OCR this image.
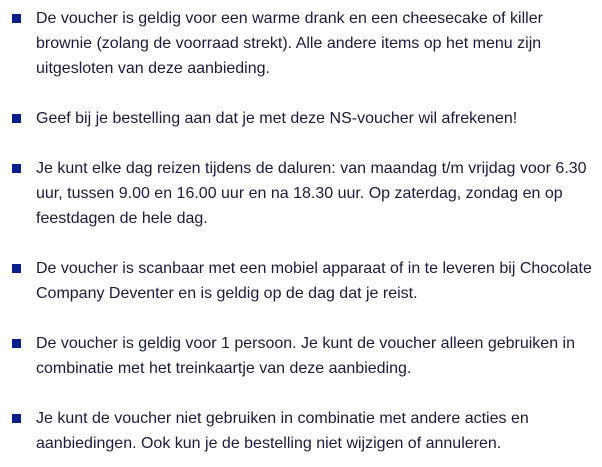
De voucher is geldig voor een warme drank en een cheesecake of killer brownie (zolang de voorraad strekt). Alle andere items op het menu zijn uitgesloten van deze aanbieding.
Geef bij je bestelling aan dat je met deze NS-voucher wil afrekenen!
Je kunt elke dag reizen tijdens de daluren: van maandag t/m vrijdag voor 6.30 uur, tussen 9.00 en 16.00 uur en na 18.30 uur. Op zaterdag, zondag en op feestdagen de hele dag.
De voucher is scanbaar met een mobiel apparaat of in te leveren bij Chocolate Company Deventer en is geldig op de dag dat je reist.
De voucher is geldig voor 1 persoon. Je kunt de voucher alleen gebruiken in combinatie met het treinkaartje van deze aanbieding.
Je kunt de voucher niet gebruiken in combinatie met andere acties en aanbiedingen. Ook kun je de bestelling niet wijzigen of annuleren.
